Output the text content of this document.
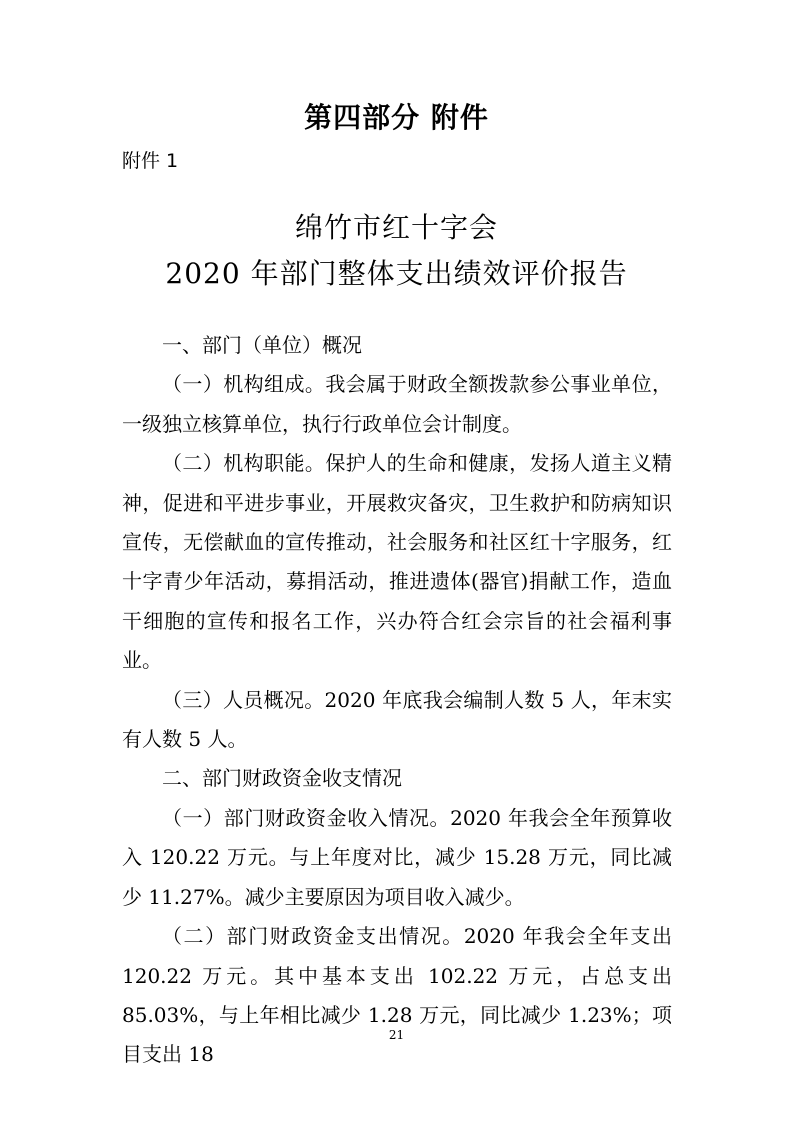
第四部分 附件
附件 1
绵竹市红十字会
2020 年部门整体支出绩效评价报告

一、部门（单位）概况

（一）机构组成。我会属于财政全额拨款参公事业单位，一级独立核算单位，执行行政单位会计制度。

（二）机构职能。保护人的生命和健康，发扬人道主义精神，促进和平进步事业，开展救灾备灾，卫生救护和防病知识宣传，无偿献血的宣传推动，社会服务和社区红十字服务，红十字青少年活动，募捐活动，推进遗体(器官)捐献工作，造血干细胞的宣传和报名工作，兴办符合红会宗旨的社会福利事业。

（三）人员概况。2020 年底我会编制人数 5 人，年末实有人数 5 人。

二、部门财政资金收支情况

（一）部门财政资金收入情况。2020 年我会全年预算收入 120.22 万元。与上年度对比，减少 15.28 万元，同比减少 11.27%。减少主要原因为项目收入减少。

（二）部门财政资金支出情况。2020 年我会全年支出 120.22 万元。其中基本支出 102.22 万元，占总支出 85.03%，与上年相比减少 1.28 万元，同比减少 1.23%；项目支出 18

21
